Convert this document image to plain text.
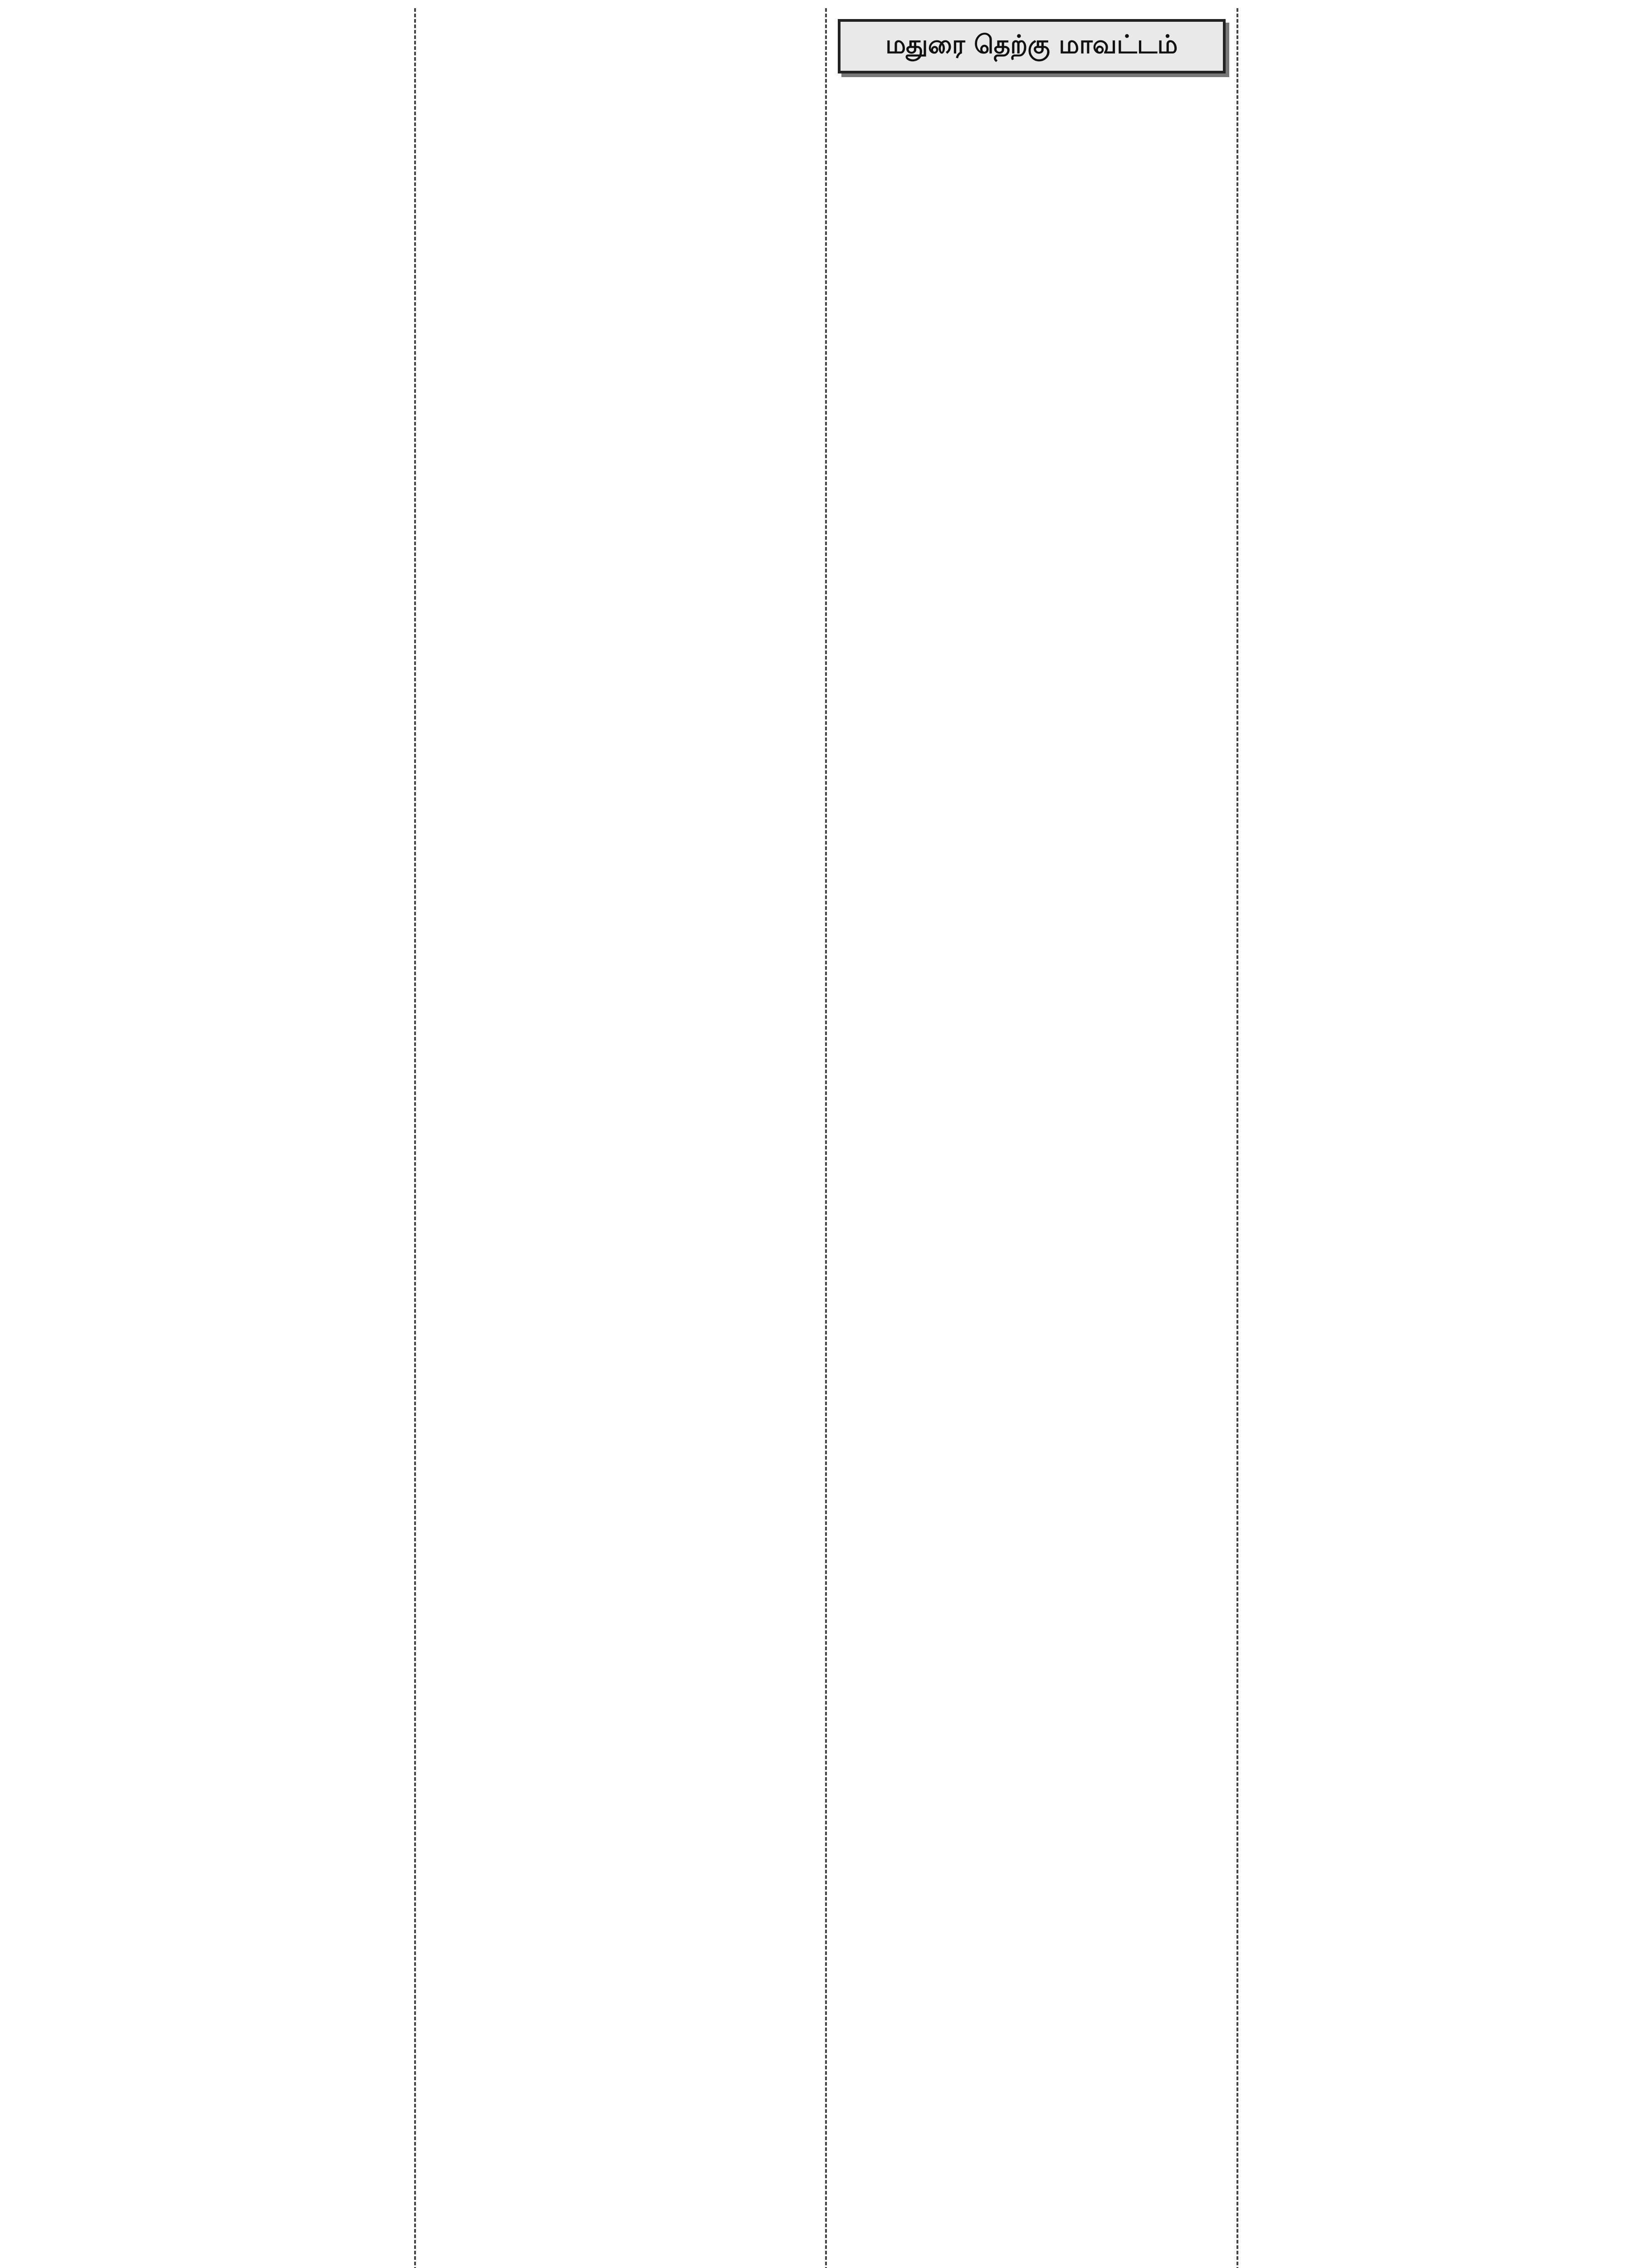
மதுரை தெற்கு மாவட்டம்
